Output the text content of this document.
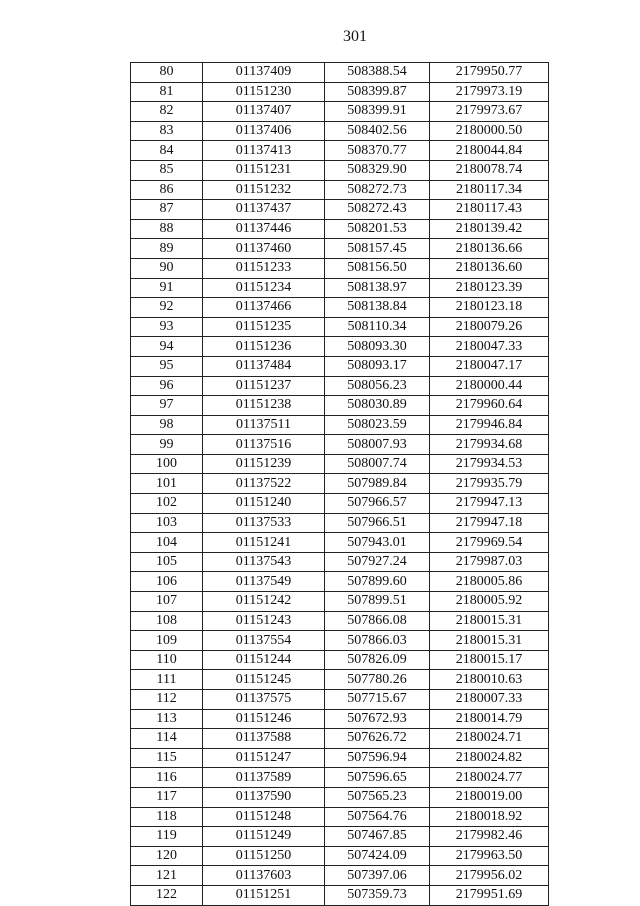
301
80	01137409	508388.54	2179950.77
81	01151230	508399.87	2179973.19
82	01137407	508399.91	2179973.67
83	01137406	508402.56	2180000.50
84	01137413	508370.77	2180044.84
85	01151231	508329.90	2180078.74
86	01151232	508272.73	2180117.34
87	01137437	508272.43	2180117.43
88	01137446	508201.53	2180139.42
89	01137460	508157.45	2180136.66
90	01151233	508156.50	2180136.60
91	01151234	508138.97	2180123.39
92	01137466	508138.84	2180123.18
93	01151235	508110.34	2180079.26
94	01151236	508093.30	2180047.33
95	01137484	508093.17	2180047.17
96	01151237	508056.23	2180000.44
97	01151238	508030.89	2179960.64
98	01137511	508023.59	2179946.84
99	01137516	508007.93	2179934.68
100	01151239	508007.74	2179934.53
101	01137522	507989.84	2179935.79
102	01151240	507966.57	2179947.13
103	01137533	507966.51	2179947.18
104	01151241	507943.01	2179969.54
105	01137543	507927.24	2179987.03
106	01137549	507899.60	2180005.86
107	01151242	507899.51	2180005.92
108	01151243	507866.08	2180015.31
109	01137554	507866.03	2180015.31
110	01151244	507826.09	2180015.17
111	01151245	507780.26	2180010.63
112	01137575	507715.67	2180007.33
113	01151246	507672.93	2180014.79
114	01137588	507626.72	2180024.71
115	01151247	507596.94	2180024.82
116	01137589	507596.65	2180024.77
117	01137590	507565.23	2180019.00
118	01151248	507564.76	2180018.92
119	01151249	507467.85	2179982.46
120	01151250	507424.09	2179963.50
121	01137603	507397.06	2179956.02
122	01151251	507359.73	2179951.69
